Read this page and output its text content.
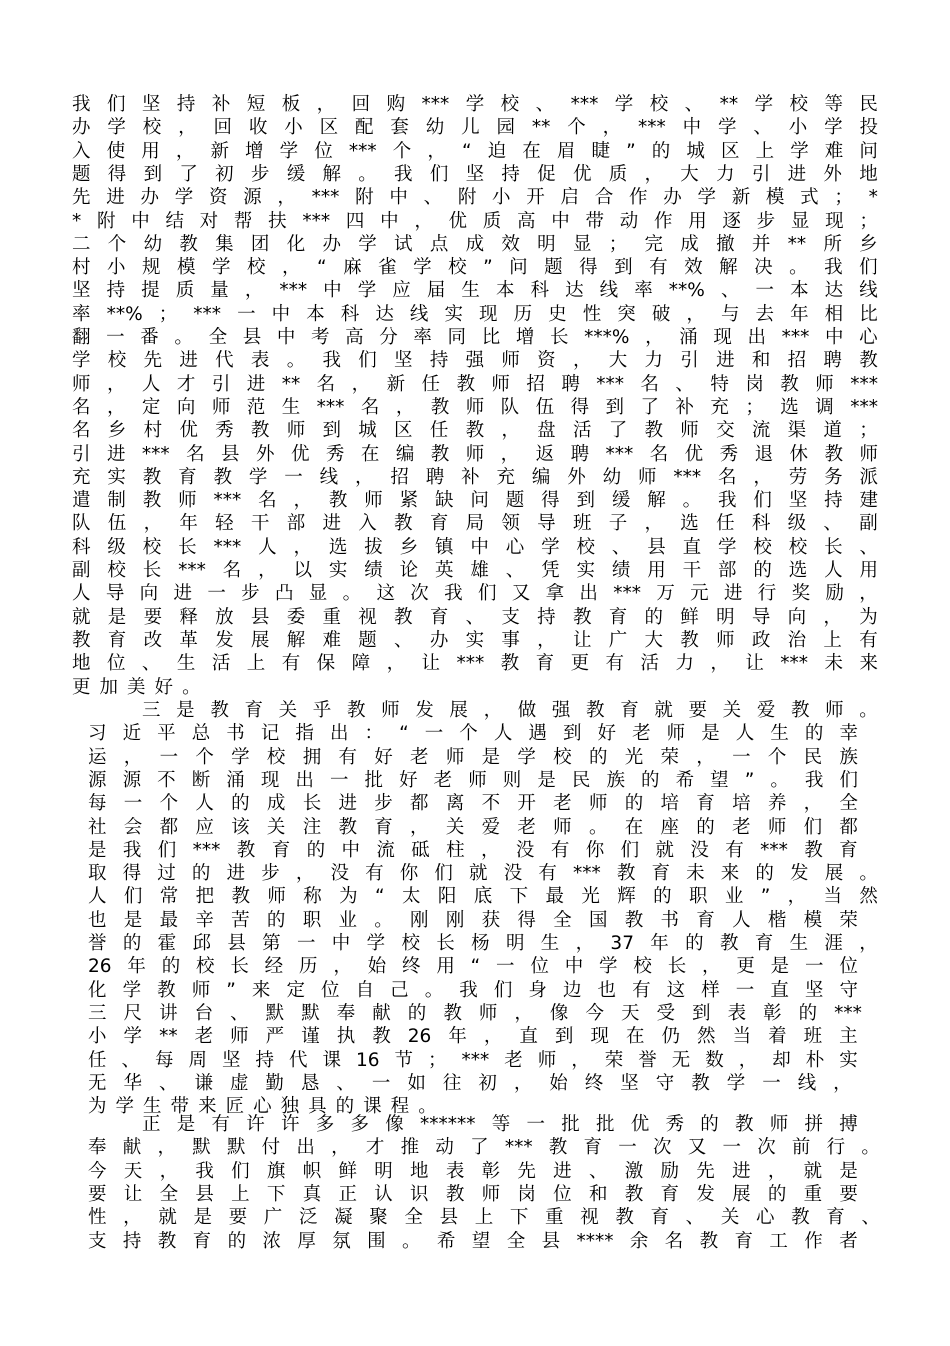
我 们 坚 持 补 短 板 ， 回 购 *** 学 校 、 *** 学 校 、 ** 学 校 等 民
办 学 校 ， 回 收 小 区 配 套 幼 儿 园 ** 个 ， *** 中 学 、 小 学 投
入 使 用 ， 新 增 学 位 *** 个 ， “ 迫 在 眉 睫 ” 的 城 区 上 学 难 问
题 得 到 了 初 步 缓 解 。 我 们 坚 持 促 优 质 ， 大 力 引 进 外 地
先 进 办 学 资 源 ， *** 附 中 、 附 小 开 启 合 作 办 学 新 模 式 ； *
* 附 中 结 对 帮 扶 *** 四 中 ， 优 质 高 中 带 动 作 用 逐 步 显 现 ；
二 个 幼 教 集 团 化 办 学 试 点 成 效 明 显 ； 完 成 撤 并 ** 所 乡
村 小 规 模 学 校 ， “ 麻 雀 学 校 ” 问 题 得 到 有 效 解 决 。 我 们
坚 持 提 质 量 ， *** 中 学 应 届 生 本 科 达 线 率 **% 、 一 本 达 线
率 **% ； *** 一 中 本 科 达 线 实 现 历 史 性 突 破 ， 与 去 年 相 比
翻 一 番 。 全 县 中 考 高 分 率 同 比 增 长 ***% ， 涌 现 出 *** 中 心
学 校 先 进 代 表 。 我 们 坚 持 强 师 资 ， 大 力 引 进 和 招 聘 教
师 ， 人 才 引 进 ** 名 ， 新 任 教 师 招 聘 *** 名 、 特 岗 教 师 ***
名 ， 定 向 师 范 生 *** 名 ， 教 师 队 伍 得 到 了 补 充 ； 选 调 ***
名 乡 村 优 秀 教 师 到 城 区 任 教 ， 盘 活 了 教 师 交 流 渠 道 ；
引 进 *** 名 县 外 优 秀 在 编 教 师 ， 返 聘 *** 名 优 秀 退 休 教 师
充 实 教 育 教 学 一 线 ， 招 聘 补 充 编 外 幼 师 *** 名 ， 劳 务 派
遣 制 教 师 *** 名 ， 教 师 紧 缺 问 题 得 到 缓 解 。 我 们 坚 持 建
队 伍 ， 年 轻 干 部 进 入 教 育 局 领 导 班 子 ， 选 任 科 级 、 副
科 级 校 长 *** 人 ， 选 拔 乡 镇 中 心 学 校 、 县 直 学 校 校 长 、
副 校 长 *** 名 ， 以 实 绩 论 英 雄 、 凭 实 绩 用 干 部 的 选 人 用
人 导 向 进 一 步 凸 显 。 这 次 我 们 又 拿 出 *** 万 元 进 行 奖 励 ，
就 是 要 释 放 县 委 重 视 教 育 、 支 持 教 育 的 鲜 明 导 向 ， 为
教 育 改 革 发 展 解 难 题 、 办 实 事 ， 让 广 大 教 师 政 治 上 有
地 位 、 生 活 上 有 保 障 ， 让 *** 教 育 更 有 活 力 ， 让 *** 未 来
更 加 美 好 。
三 是 教 育 关 乎 教 师 发 展 ， 做 强 教 育 就 要 关 爱 教 师 。
习 近 平 总 书 记 指 出 ： “ 一 个 人 遇 到 好 老 师 是 人 生 的 幸
运 ， 一 个 学 校 拥 有 好 老 师 是 学 校 的 光 荣 ， 一 个 民 族
源 源 不 断 涌 现 出 一 批 好 老 师 则 是 民 族 的 希 望 ” 。 我 们
每 一 个 人 的 成 长 进 步 都 离 不 开 老 师 的 培 育 培 养 ， 全
社 会 都 应 该 关 注 教 育 ， 关 爱 老 师 。 在 座 的 老 师 们 都
是 我 们 *** 教 育 的 中 流 砥 柱 ， 没 有 你 们 就 没 有 *** 教 育
取 得 过 的 进 步 ， 没 有 你 们 就 没 有 *** 教 育 未 来 的 发 展 。
人 们 常 把 教 师 称 为 “ 太 阳 底 下 最 光 辉 的 职 业 ” ， 当 然
也 是 最 辛 苦 的 职 业 。 刚 刚 获 得 全 国 教 书 育 人 楷 模 荣
誉 的 霍 邱 县 第 一 中 学 校 长 杨 明 生 ， 37 年 的 教 育 生 涯 ，
26 年 的 校 长 经 历 ， 始 终 用 “ 一 位 中 学 校 长 ， 更 是 一 位
化 学 教 师 ” 来 定 位 自 己 。 我 们 身 边 也 有 这 样 一 直 坚 守
三 尺 讲 台 、 默 默 奉 献 的 教 师 ， 像 今 天 受 到 表 彰 的 ***
小 学 ** 老 师 严 谨 执 教 26 年 ， 直 到 现 在 仍 然 当 着 班 主
任 、 每 周 坚 持 代 课 16 节 ； *** 老 师 ， 荣 誉 无 数 ， 却 朴 实
无 华 、 谦 虚 勤 恳 、 一 如 往 初 ， 始 终 坚 守 教 学 一 线 ，
为 学 生 带 来 匠 心 独 具 的 课 程 。
正 是 有 许 许 多 多 像 ****** 等 一 批 批 优 秀 的 教 师 拼 搏
奉 献 ， 默 默 付 出 ， 才 推 动 了 *** 教 育 一 次 又 一 次 前 行 。
今 天 ， 我 们 旗 帜 鲜 明 地 表 彰 先 进 、 激 励 先 进 ， 就 是
要 让 全 县 上 下 真 正 认 识 教 师 岗 位 和 教 育 发 展 的 重 要
性 ， 就 是 要 广 泛 凝 聚 全 县 上 下 重 视 教 育 、 关 心 教 育 、
支 持 教 育 的 浓 厚 氛 围 。 希 望 全 县 **** 余 名 教 育 工 作 者
